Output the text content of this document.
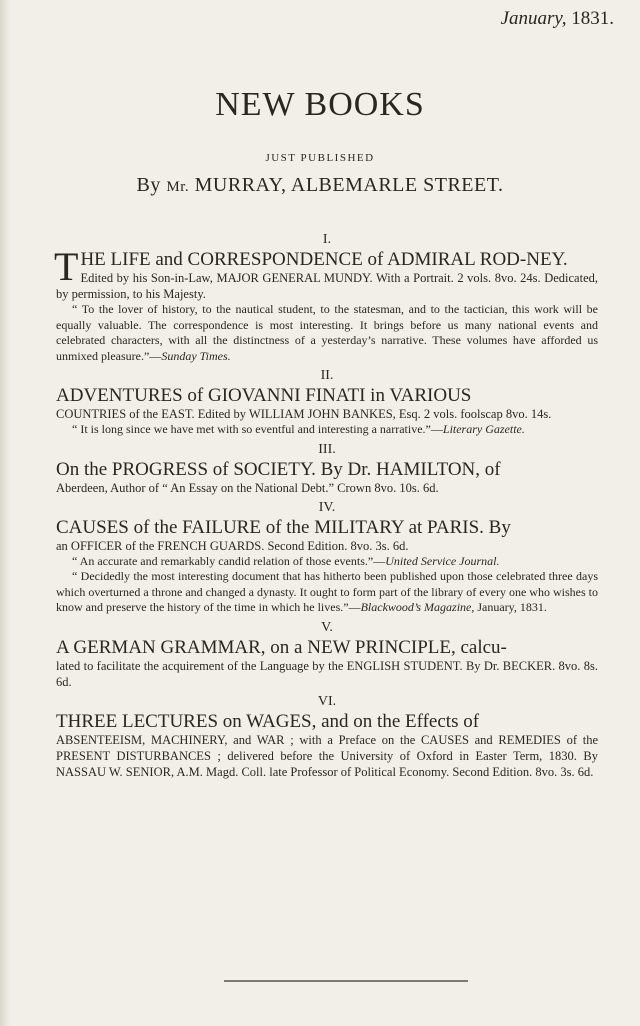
January, 1831.
NEW BOOKS
JUST PUBLISHED
By Mr. MURRAY, ALBEMARLE STREET.
I.

THE LIFE and CORRESPONDENCE of ADMIRAL ROD-NEY.

Edited by his Son-in-Law, MAJOR GENERAL MUNDY. With a Portrait. 2 vols. 8vo. 24s. Dedicated, by permission, to his Majesty.

“ To the lover of history, to the nautical student, to the statesman, and to the tactician, this work will be equally valuable. The correspondence is most interesting. It brings before us many national events and celebrated characters, with all the distinctness of a yesterday’s narrative. These volumes have afforded us unmixed pleasure.”—Sunday Times.

II.

ADVENTURES of GIOVANNI FINATI in VARIOUS

COUNTRIES of the EAST. Edited by WILLIAM JOHN BANKES, Esq. 2 vols. foolscap 8vo. 14s.

“ It is long since we have met with so eventful and interesting a narrative.”—Literary Gazette.

III.

On the PROGRESS of SOCIETY. By Dr. HAMILTON, of

Aberdeen, Author of “ An Essay on the National Debt.” Crown 8vo. 10s. 6d.

IV.

CAUSES of the FAILURE of the MILITARY at PARIS. By

an OFFICER of the FRENCH GUARDS. Second Edition. 8vo. 3s. 6d.

“ An accurate and remarkably candid relation of those events.”—United Service Journal.

“ Decidedly the most interesting document that has hitherto been published upon those celebrated three days which overturned a throne and changed a dynasty. It ought to form part of the library of every one who wishes to know and preserve the history of the time in which he lives.”—Blackwood’s Magazine, January, 1831.

V.

A GERMAN GRAMMAR, on a NEW PRINCIPLE, calcu-

lated to facilitate the acquirement of the Language by the ENGLISH STUDENT. By Dr. BECKER. 8vo. 8s. 6d.

VI.

THREE LECTURES on WAGES, and on the Effects of

ABSENTEEISM, MACHINERY, and WAR ; with a Preface on the CAUSES and REMEDIES of the PRESENT DISTURBANCES ; delivered before the University of Oxford in Easter Term, 1830. By NASSAU W. SENIOR, A.M. Magd. Coll. late Professor of Political Economy. Second Edition. 8vo. 3s. 6d.
